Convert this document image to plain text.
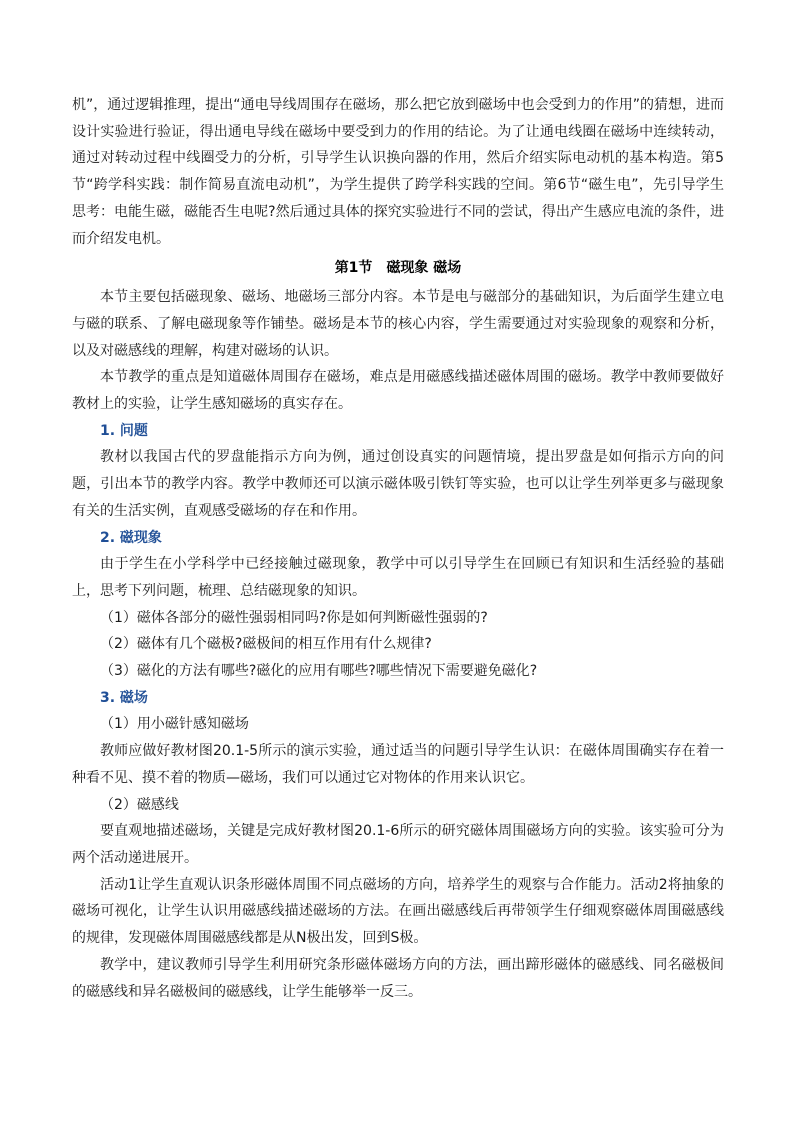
机”，通过逻辑推理，提出“通电导线周围存在磁场，那么把它放到磁场中也会受到力的作用”的猜想，进而设计实验进行验证，得出通电导线在磁场中要受到力的作用的结论。为了让通电线圈在磁场中连续转动，通过对转动过程中线圈受力的分析，引导学生认识换向器的作用，然后介绍实际电动机的基本构造。第5节“跨学科实践：制作简易直流电动机”，为学生提供了跨学科实践的空间。第6节“磁生电”，先引导学生思考：电能生磁，磁能否生电呢?然后通过具体的探究实验进行不同的尝试，得出产生感应电流的条件，进而介绍发电机。

第1节 磁现象 磁场

本节主要包括磁现象、磁场、地磁场三部分内容。本节是电与磁部分的基础知识，为后面学生建立电与磁的联系、了解电磁现象等作铺垫。磁场是本节的核心内容，学生需要通过对实验现象的观察和分析，以及对磁感线的理解，构建对磁场的认识。

本节教学的重点是知道磁体周围存在磁场，难点是用磁感线描述磁体周围的磁场。教学中教师要做好教材上的实验，让学生感知磁场的真实存在。

1. 问题

教材以我国古代的罗盘能指示方向为例，通过创设真实的问题情境，提出罗盘是如何指示方向的问题，引出本节的教学内容。教学中教师还可以演示磁体吸引铁钉等实验，也可以让学生列举更多与磁现象有关的生活实例，直观感受磁场的存在和作用。

2. 磁现象

由于学生在小学科学中已经接触过磁现象，教学中可以引导学生在回顾已有知识和生活经验的基础上，思考下列问题，梳理、总结磁现象的知识。

（1）磁体各部分的磁性强弱相同吗?你是如何判断磁性强弱的?

（2）磁体有几个磁极?磁极间的相互作用有什么规律?

（3）磁化的方法有哪些?磁化的应用有哪些?哪些情况下需要避免磁化?

3. 磁场

（1）用小磁针感知磁场

教师应做好教材图20.1-5所示的演示实验，通过适当的问题引导学生认识：在磁体周围确实存在着一种看不见、摸不着的物质—磁场，我们可以通过它对物体的作用来认识它。

（2）磁感线

要直观地描述磁场，关键是完成好教材图20.1-6所示的研究磁体周围磁场方向的实验。该实验可分为两个活动递进展开。

活动1让学生直观认识条形磁体周围不同点磁场的方向，培养学生的观察与合作能力。活动2将抽象的磁场可视化，让学生认识用磁感线描述磁场的方法。在画出磁感线后再带领学生仔细观察磁体周围磁感线的规律，发现磁体周围磁感线都是从N极出发，回到S极。

教学中，建议教师引导学生利用研究条形磁体磁场方向的方法，画出蹄形磁体的磁感线、同名磁极间的磁感线和异名磁极间的磁感线，让学生能够举一反三。
